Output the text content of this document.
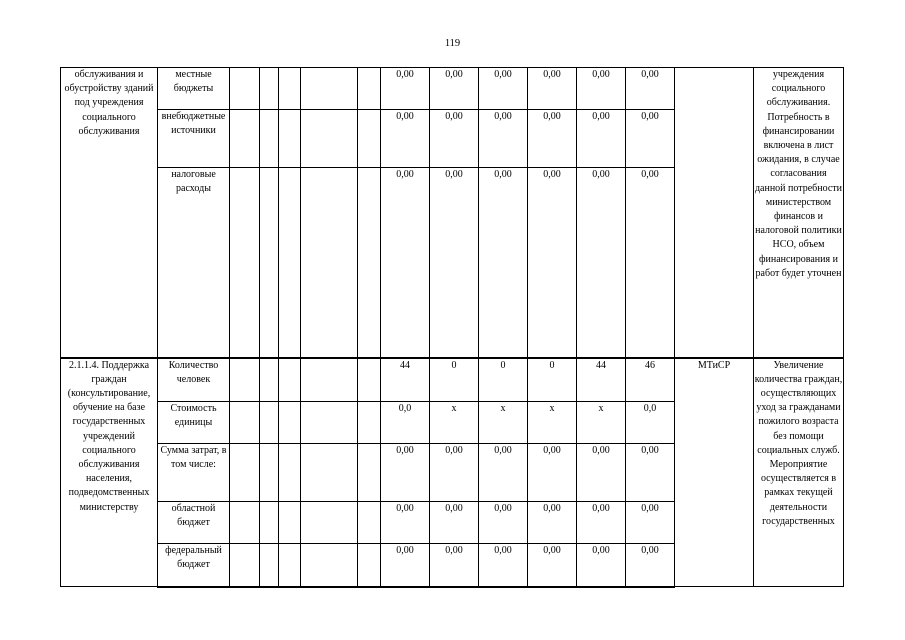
119
обслуживания и обустройству зданий под учреждения социального обслуживания	местные бюджеты						0,00	0,00	0,00	0,00	0,00	0,00		учреждения социального обслуживания. Потребность в финансировании включена в лист ожидания, в случае согласования данной потребности министерством финансов и налоговой политики НСО, объем финансирования и работ будет уточнен
	внебюджетные источники						0,00	0,00	0,00	0,00	0,00	0,00		
	налоговые расходы						0,00	0,00	0,00	0,00	0,00	0,00		
2.1.1.4. Поддержка граждан (консультирование, обучение на базе государственных учреждений социального обслуживания населения, подведомственных министерству	Количество человек						44	0	0	0	44	46	МТиСР	Увеличение количества граждан, осуществляющих уход за гражданами пожилого возраста без помощи социальных служб. Мероприятие осуществляется в рамках текущей деятельности государственных
	Стоимость единицы						0,0	х	х	х	х	0,0		
	Сумма затрат, в том числе:						0,00	0,00	0,00	0,00	0,00	0,00		
	областной бюджет						0,00	0,00	0,00	0,00	0,00	0,00		
	федеральный бюджет						0,00	0,00	0,00	0,00	0,00	0,00		
